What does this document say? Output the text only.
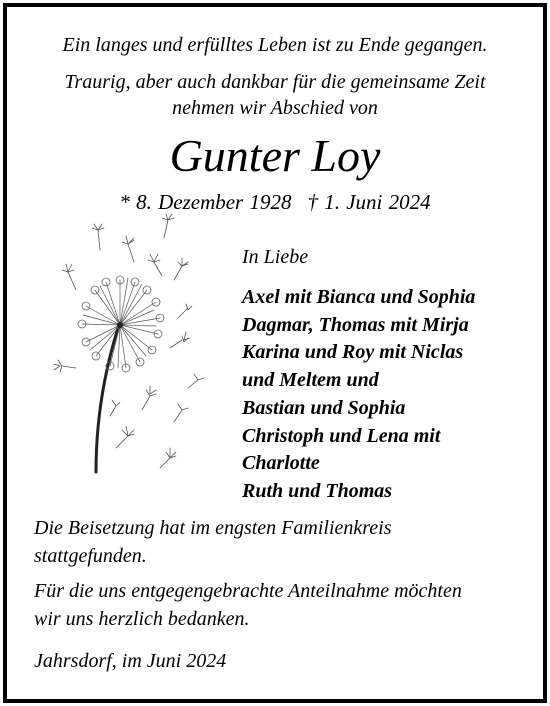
Ein langes und erfülltes Leben ist zu Ende gegangen.
Traurig, aber auch dankbar für die gemeinsame Zeit
nehmen wir Abschied von
Gunter Loy
* 8. Dezember 1928 † 1. Juni 2024
In Liebe
Axel mit Bianca und Sophia
Dagmar, Thomas mit Mirja
Karina und Roy mit Niclas
und Meltem und
Bastian und Sophia
Christoph und Lena mit
Charlotte
Ruth und Thomas
Die Beisetzung hat im engsten Familienkreis
stattgefunden.
Für die uns entgegengebrachte Anteilnahme möchten
wir uns herzlich bedanken.
Jahrsdorf, im Juni 2024
